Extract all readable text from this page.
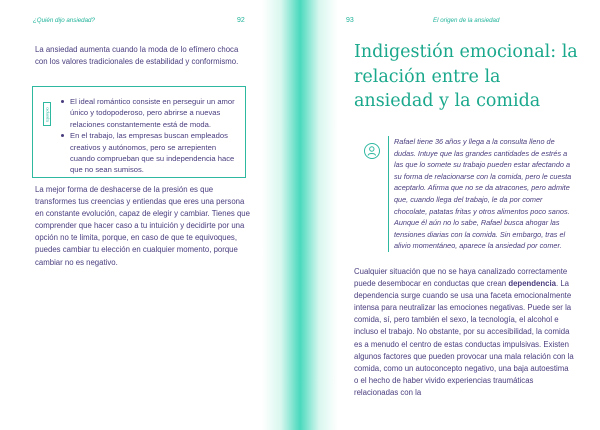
¿Quién dijo ansiedad?	92
La ansiedad aumenta cuando la moda de lo efímero choca con los valores tradicionales de estabilidad y conformismo.
Ejemplo
El ideal romántico consiste en perseguir un amor único y todopoderoso, pero abrirse a nuevas relaciones constantemente está de moda.
En el trabajo, las empresas buscan empleados creativos y autónomos, pero se arrepienten cuando comprueban que su independencia hace que no sean sumisos.
La mejor forma de deshacerse de la presión es que transformes tus creencias y entiendas que eres una persona en constante evolución, capaz de elegir y cambiar. Tienes que comprender que hacer caso a tu intuición y decidirte por una opción no te limita, porque, en caso de que te equivoques, puedes cambiar tu elección en cualquier momento, porque cambiar no es negativo.
93	El origen de la ansiedad
Indigestión emocional: la relación entre la ansiedad y la comida
Rafael tiene 36 años y llega a la consulta lleno de dudas. Intuye que las grandes cantidades de estrés a las que lo somete su trabajo pueden estar afectando a su forma de relacionarse con la comida, pero le cuesta aceptarlo. Afirma que no se da atracones, pero admite que, cuando llega del trabajo, le da por comer chocolate, patatas fritas y otros alimentos poco sanos. Aunque él aún no lo sabe, Rafael busca ahogar las tensiones diarias con la comida. Sin embargo, tras el alivio momentáneo, aparece la ansiedad por comer.
Cualquier situación que no se haya canalizado correctamente puede desembocar en conductas que crean dependencia. La dependencia surge cuando se usa una faceta emocionalmente intensa para neutralizar las emociones negativas. Puede ser la comida, sí, pero también el sexo, la tecnología, el alcohol e incluso el trabajo. No obstante, por su accesibilidad, la comida es a menudo el centro de estas conductas impulsivas. Existen algunos factores que pueden provocar una mala relación con la comida, como un autoconcepto negativo, una baja autoestima o el hecho de haber vivido experiencias traumáticas relacionadas con la
